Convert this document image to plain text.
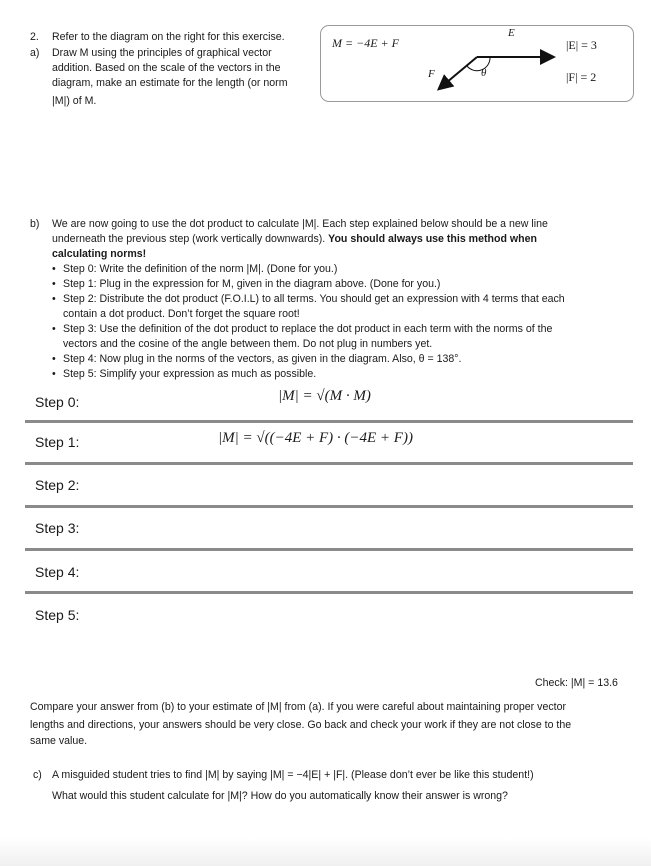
2. Refer to the diagram on the right for this exercise.
a) Draw M using the principles of graphical vector
addition. Based on the scale of the vectors in the
diagram, make an estimate for the length (or norm
|M|) of M.
M = −4E + F
E
F	θ
|E| = 3
|F| = 2
b) We are now going to use the dot product to calculate |M|. Each step explained below should be a new line
underneath the previous step (work vertically downwards). You should always use this method when
calculating norms!
• Step 0: Write the definition of the norm |M|. (Done for you.)
• Step 1: Plug in the expression for M, given in the diagram above. (Done for you.)
• Step 2: Distribute the dot product (F.O.I.L) to all terms. You should get an expression with 4 terms that each
contain a dot product. Don’t forget the square root!
• Step 3: Use the definition of the dot product to replace the dot product in each term with the norms of the
vectors and the cosine of the angle between them. Do not plug in numbers yet.
• Step 4: Now plug in the norms of the vectors, as given in the diagram. Also, θ = 138°.
• Step 5: Simplify your expression as much as possible.
Step 0:	|M| = √(M · M)
Step 1:	|M| = √((−4E + F) · (−4E + F))
Step 2:
Step 3:
Step 4:
Step 5:
Check: |M| = 13.6
Compare your answer from (b) to your estimate of |M| from (a). If you were careful about maintaining proper vector
lengths and directions, your answers should be very close. Go back and check your work if they are not close to the
same value.
c) A misguided student tries to find |M| by saying |M| = −4|E| + |F|. (Please don’t ever be like this student!)
What would this student calculate for |M|? How do you automatically know their answer is wrong?
